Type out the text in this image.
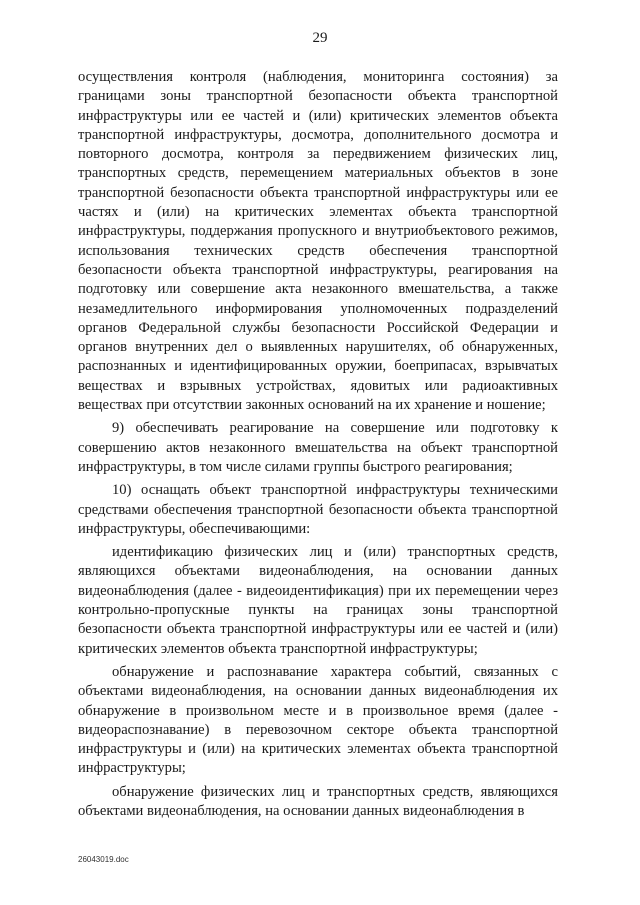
29

осуществления контроля (наблюдения, мониторинга состояния) за границами зоны транспортной безопасности объекта транспортной инфраструктуры или ее частей и (или) критических элементов объекта транспортной инфраструктуры, досмотра, дополнительного досмотра и повторного досмотра, контроля за передвижением физических лиц, транспортных средств, перемещением материальных объектов в зоне транспортной безопасности объекта транспортной инфраструктуры или ее частях и (или) на критических элементах объекта транспортной инфраструктуры, поддержания пропускного и внутриобъектового режимов, использования технических средств обеспечения транспортной безопасности объекта транспортной инфраструктуры, реагирования на подготовку или совершение акта незаконного вмешательства, а также незамедлительного информирования уполномоченных подразделений органов Федеральной службы безопасности Российской Федерации и органов внутренних дел о выявленных нарушителях, об обнаруженных, распознанных и идентифицированных оружии, боеприпасах, взрывчатых веществах и взрывных устройствах, ядовитых или радиоактивных веществах при отсутствии законных оснований на их хранение и ношение;

9) обеспечивать реагирование на совершение или подготовку к совершению актов незаконного вмешательства на объект транспортной инфраструктуры, в том числе силами группы быстрого реагирования;

10) оснащать объект транспортной инфраструктуры техническими средствами обеспечения транспортной безопасности объекта транспортной инфраструктуры, обеспечивающими:

идентификацию физических лиц и (или) транспортных средств, являющихся объектами видеонаблюдения, на основании данных видеонаблюдения (далее - видеоидентификация) при их перемещении через контрольно-пропускные пункты на границах зоны транспортной безопасности объекта транспортной инфраструктуры или ее частей и (или) критических элементов объекта транспортной инфраструктуры;

обнаружение и распознавание характера событий, связанных с объектами видеонаблюдения, на основании данных видеонаблюдения их обнаружение в произвольном месте и в произвольное время (далее - видеораспознавание) в перевозочном секторе объекта транспортной инфраструктуры и (или) на критических элементах объекта транспортной инфраструктуры;

обнаружение физических лиц и транспортных средств, являющихся объектами видеонаблюдения, на основании данных видеонаблюдения в

26043019.doc
